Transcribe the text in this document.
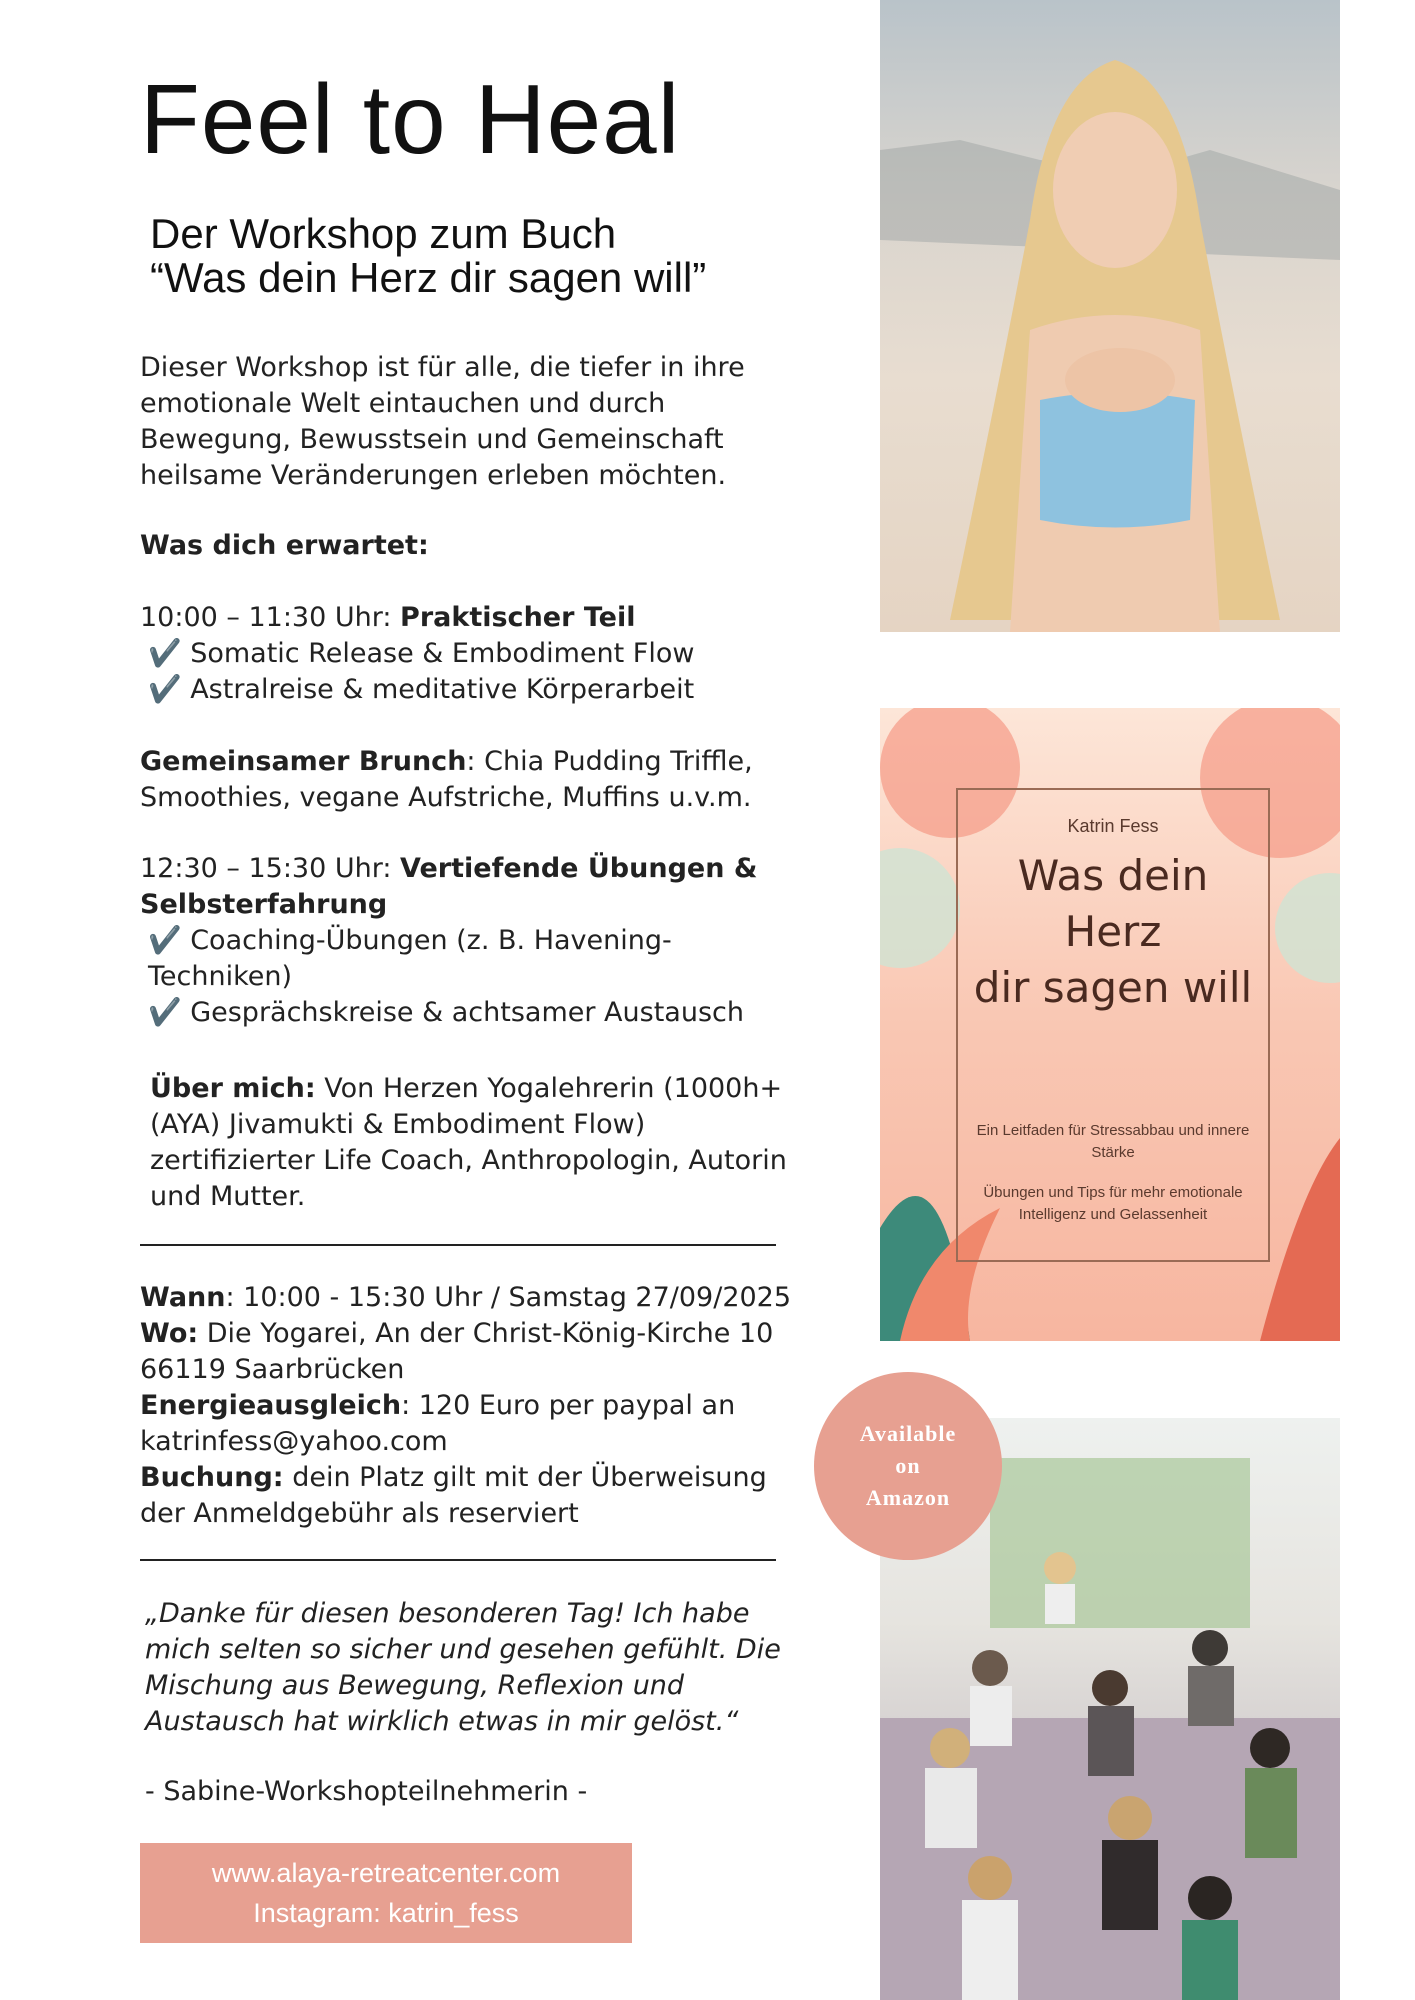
Feel to Heal
Der Workshop zum Buch
“Was dein Herz dir sagen will”
Dieser Workshop ist für alle, die tiefer in ihre emotionale Welt eintauchen und durch Bewegung, Bewusstsein und Gemeinschaft heilsame Veränderungen erleben möchten.
Was dich erwartet:
10:00 – 11:30 Uhr: Praktischer Teil
✔️ Somatic Release & Embodiment Flow
✔️ Astralreise & meditative Körperarbeit
Gemeinsamer Brunch: Chia Pudding Triffle, Smoothies, vegane Aufstriche, Muffins u.v.m.
12:30 – 15:30 Uhr: Vertiefende Übungen & Selbsterfahrung
✔️ Coaching-Übungen (z. B. Havening-Techniken)
✔️ Gesprächskreise & achtsamer Austausch
Über mich: Von Herzen Yogalehrerin (1000h+ (AYA) Jivamukti & Embodiment Flow) zertifizierter Life Coach, Anthropologin, Autorin und Mutter.
Wann: 10:00 - 15:30 Uhr / Samstag 27/09/2025
Wo: Die Yogarei, An der Christ-König-Kirche 10 66119 Saarbrücken
Energieausgleich: 120 Euro per paypal an katrinfess@yahoo.com
Buchung: dein Platz gilt mit der Überweisung der Anmeldgebühr als reserviert
„Danke für diesen besonderen Tag! Ich habe mich selten so sicher und gesehen gefühlt. Die Mischung aus Bewegung, Reflexion und Austausch hat wirklich etwas in mir gelöst.“
- Sabine-Workshopteilnehmerin -
www.alaya-retreatcenter.com
Instagram: katrin_fess
Katrin Fess
Was dein
Herz
dir sagen will
Ein Leitfaden für Stressabbau und innere Stärke
Übungen und Tips für mehr emotionale Intelligenz und Gelassenheit
Available
on
Amazon
